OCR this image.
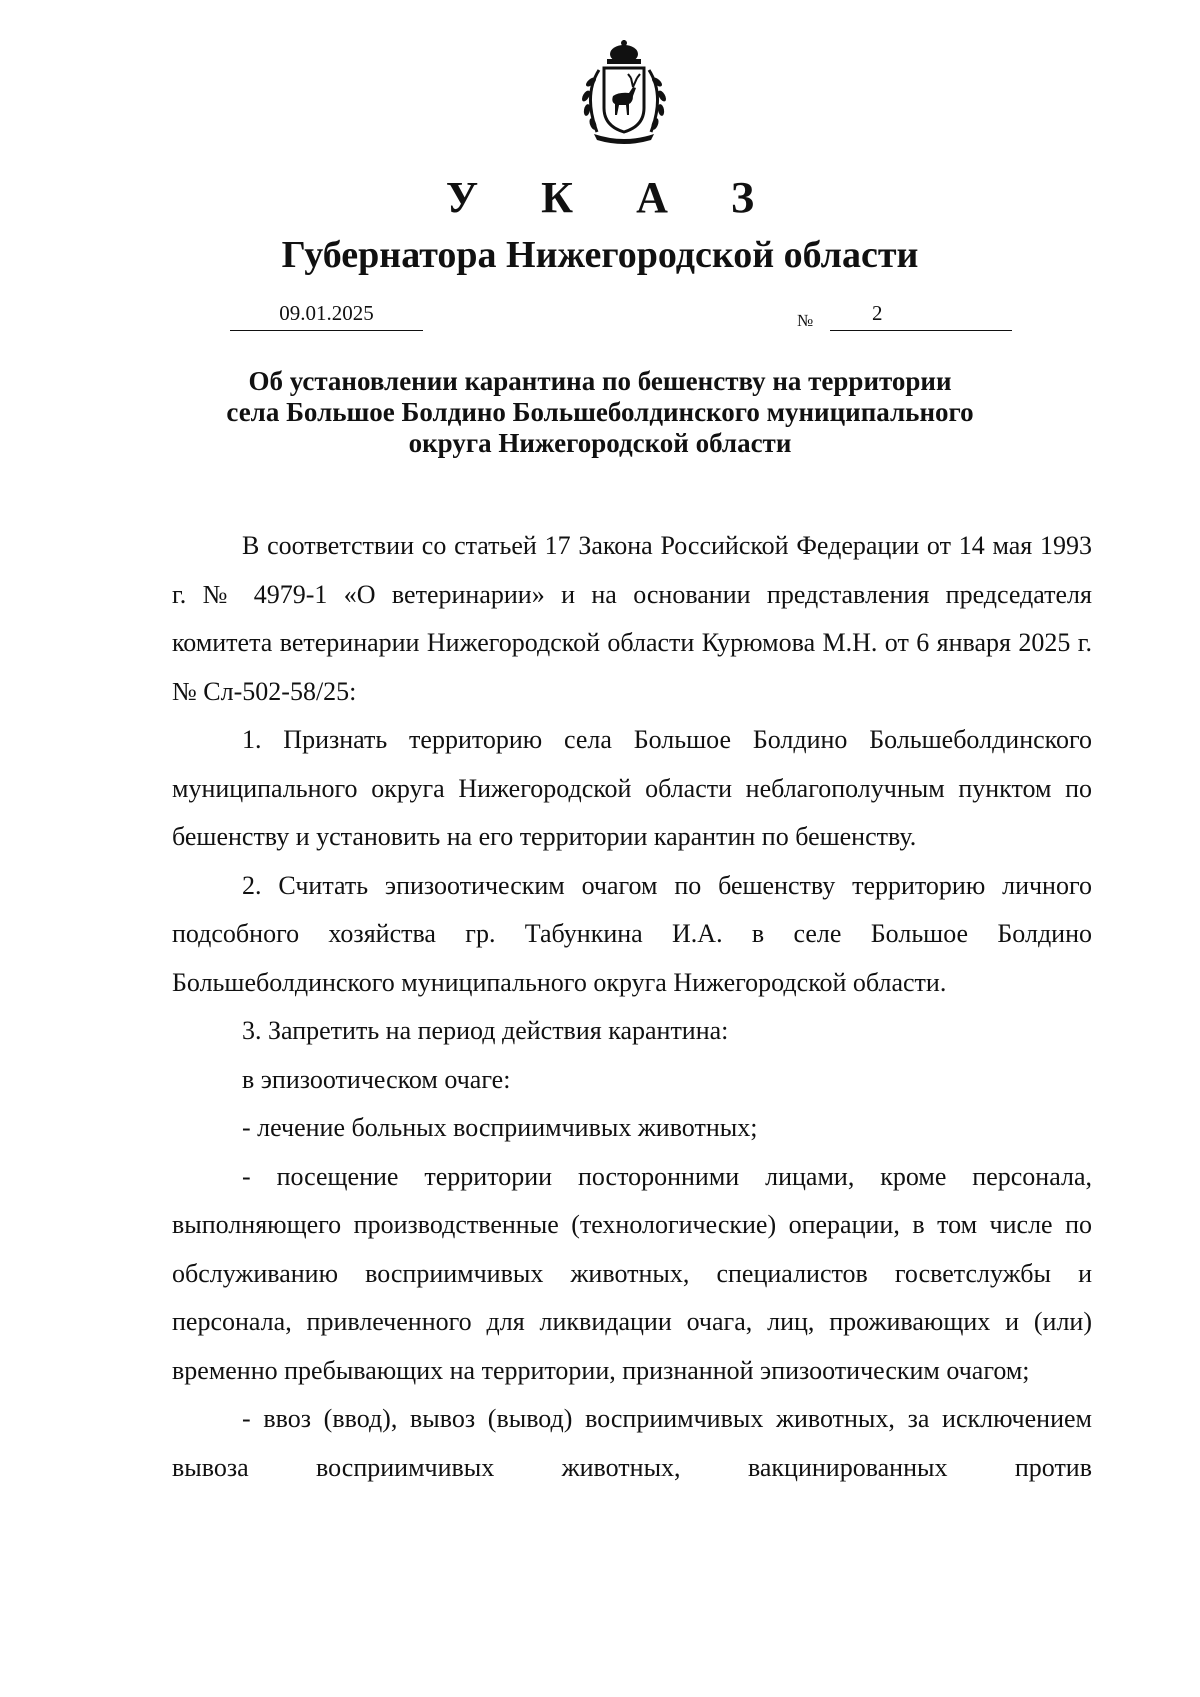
У К А З
Губернатора Нижегородской области
09.01.2025	№	2
Об установлении карантина по бешенству на территории
села Большое Болдино Большеболдинского муниципального
округа Нижегородской области

В соответствии со статьей 17 Закона Российской Федерации от 14 мая 1993 г. № 4979-1 «О ветеринарии» и на основании представления председателя комитета ветеринарии Нижегородской области Курюмова М.Н. от 6 января 2025 г. № Сл-502-58/25:

1. Признать территорию села Большое Болдино Большеболдинского муниципального округа Нижегородской области неблагополучным пунктом по бешенству и установить на его территории карантин по бешенству.

2. Считать эпизоотическим очагом по бешенству территорию личного подсобного хозяйства гр. Табункина И.А. в селе Большое Болдино Большеболдинского муниципального округа Нижегородской области.

3. Запретить на период действия карантина:

в эпизоотическом очаге:

- лечение больных восприимчивых животных;

- посещение территории посторонними лицами, кроме персонала, выполняющего производственные (технологические) операции, в том числе по обслуживанию восприимчивых животных, специалистов госветслужбы и персонала, привлеченного для ликвидации очага, лиц, проживающих и (или) временно пребывающих на территории, признанной эпизоотическим очагом;

- ввоз (ввод), вывоз (вывод) восприимчивых животных, за исключением вывоза восприимчивых животных, вакцинированных против
